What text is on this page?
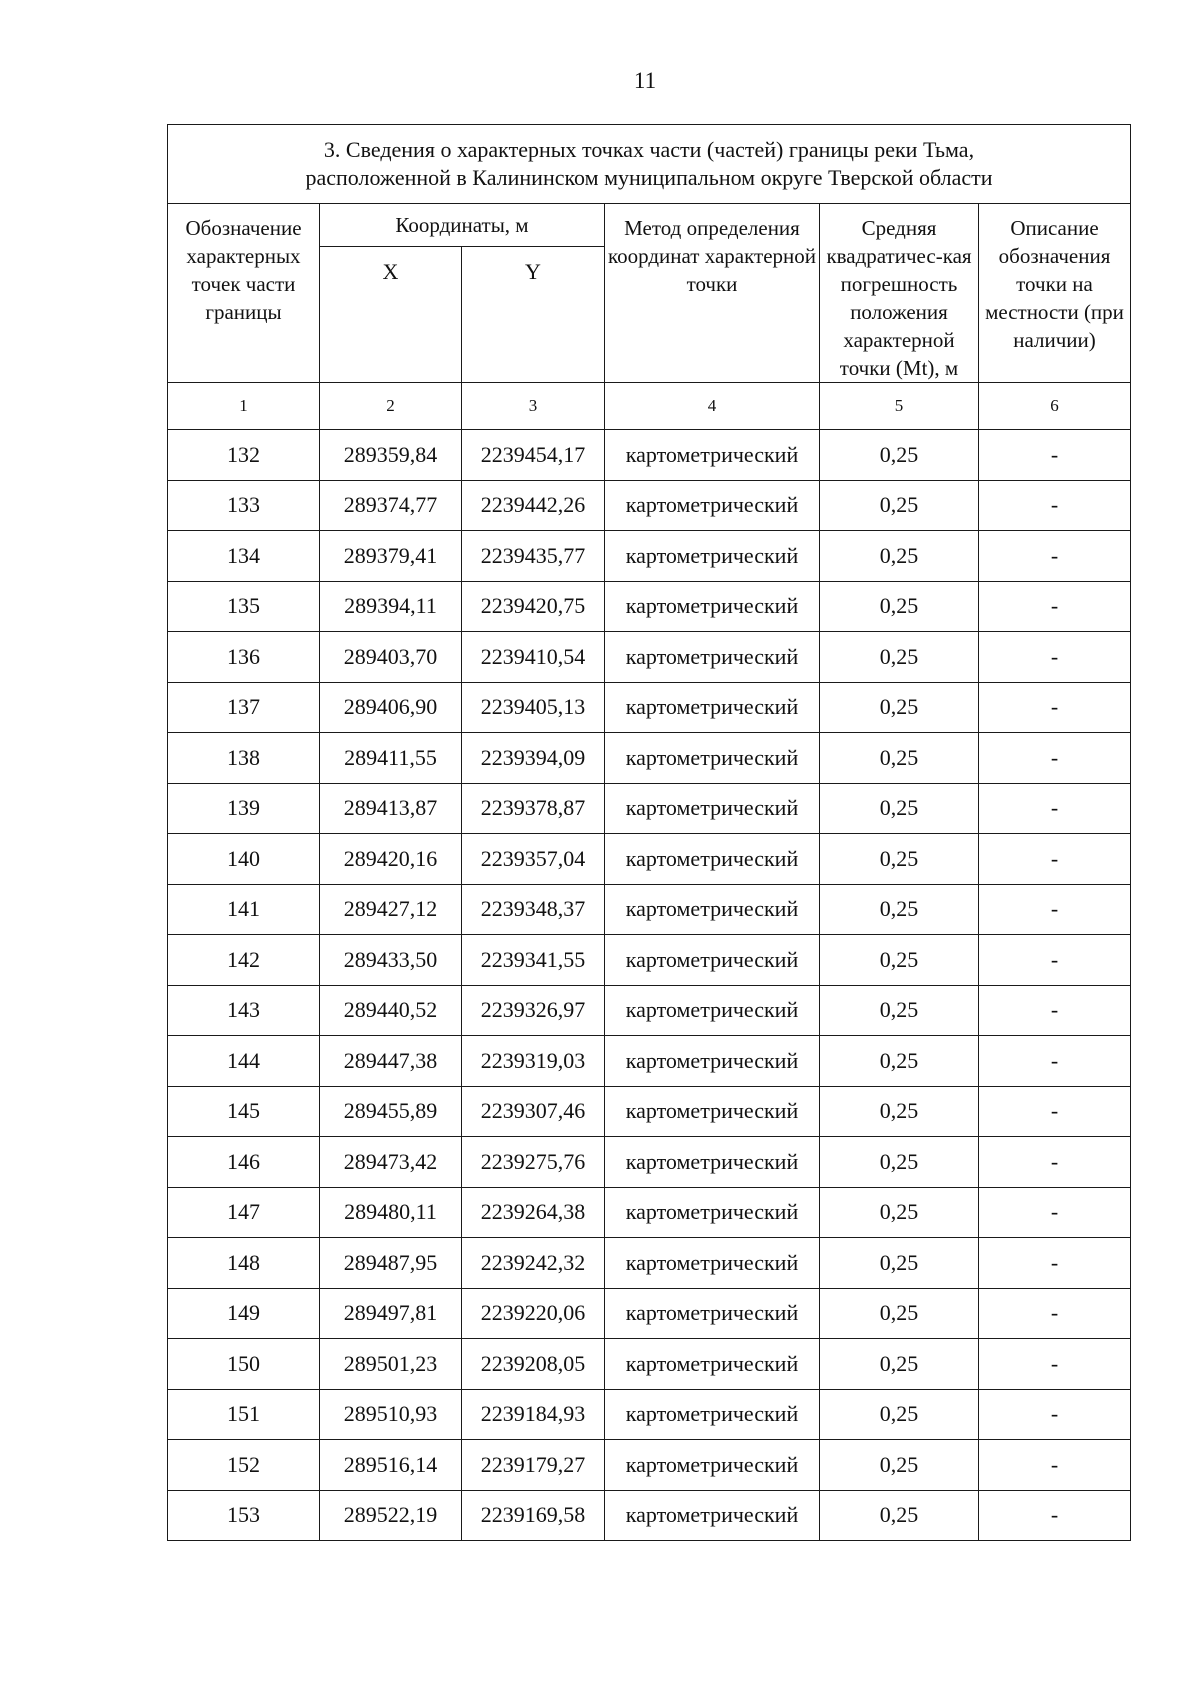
11
3. Сведения о характерных точках части (частей) границы реки Тьма,
расположенной в Калининском муниципальном округе Тверской области					

Обозначение характерных точек части границы	Координаты, м		Метод определения координат характерной точки	Средняя квадратичес-кая погрешность положения характерной точки (Mt), м	Описание обозначения точки на местности (при наличии)
	X	Y			
1	2	3	4	5	6
132	289359,84	2239454,17	картометрический	0,25	-
133	289374,77	2239442,26	картометрический	0,25	-
134	289379,41	2239435,77	картометрический	0,25	-
135	289394,11	2239420,75	картометрический	0,25	-
136	289403,70	2239410,54	картометрический	0,25	-
137	289406,90	2239405,13	картометрический	0,25	-
138	289411,55	2239394,09	картометрический	0,25	-
139	289413,87	2239378,87	картометрический	0,25	-
140	289420,16	2239357,04	картометрический	0,25	-
141	289427,12	2239348,37	картометрический	0,25	-
142	289433,50	2239341,55	картометрический	0,25	-
143	289440,52	2239326,97	картометрический	0,25	-
144	289447,38	2239319,03	картометрический	0,25	-
145	289455,89	2239307,46	картометрический	0,25	-
146	289473,42	2239275,76	картометрический	0,25	-
147	289480,11	2239264,38	картометрический	0,25	-
148	289487,95	2239242,32	картометрический	0,25	-
149	289497,81	2239220,06	картометрический	0,25	-
150	289501,23	2239208,05	картометрический	0,25	-
151	289510,93	2239184,93	картометрический	0,25	-
152	289516,14	2239179,27	картометрический	0,25	-
153	289522,19	2239169,58	картометрический	0,25	-
